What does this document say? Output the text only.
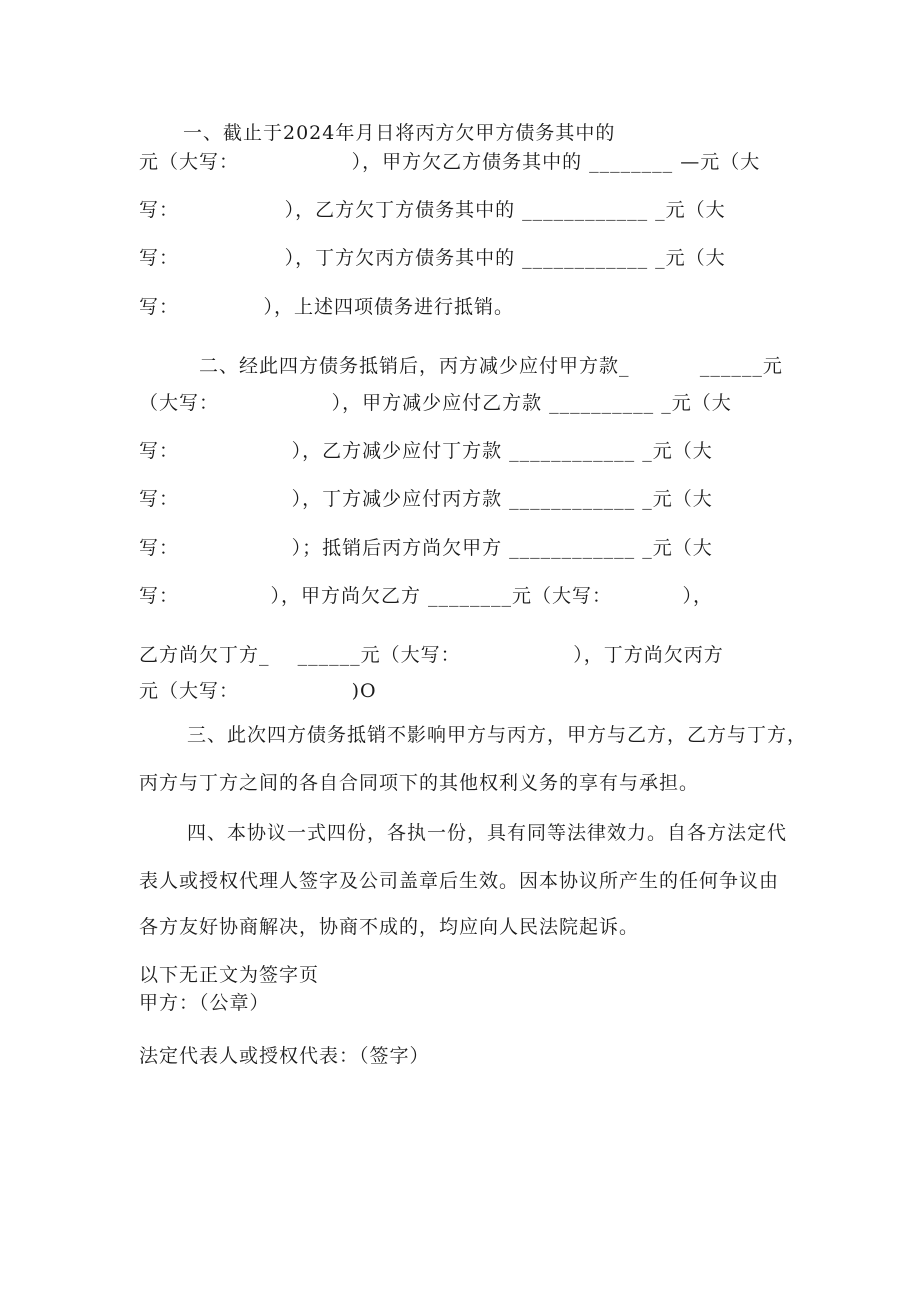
一、截止于2024年月日将丙方欠甲方债务其中的
元（大写：                ），甲方欠乙方债务其中的 ________ —元（大
写：               ），乙方欠丁方债务其中的 ____________ _元（大
写：               ），丁方欠丙方债务其中的 ____________ _元（大
写：            ），上述四项债务进行抵销。
二、经此四方债务抵销后，丙方减少应付甲方款_          ______元
（大写：                ），甲方减少应付乙方款 __________ _元（大
写：                ），乙方减少应付丁方款 ____________ _元（大
写：                ），丁方减少应付丙方款 ____________ _元（大
写：                ）；抵销后丙方尚欠甲方 ____________ _元（大
写：             ），甲方尚欠乙方 ________元（大写：          ），
乙方尚欠丁方_    ______元（大写：                ），丁方尚欠丙方
元（大写：                )O
三、此次四方债务抵销不影响甲方与丙方，甲方与乙方，乙方与丁方，
丙方与丁方之间的各自合同项下的其他权利义务的享有与承担。
四、本协议一式四份，各执一份，具有同等法律效力。自各方法定代
表人或授权代理人签字及公司盖章后生效。因本协议所产生的任何争议由
各方友好协商解决，协商不成的，均应向人民法院起诉。
以下无正文为签字页
甲方：（公章）
法定代表人或授权代表：（签字）
